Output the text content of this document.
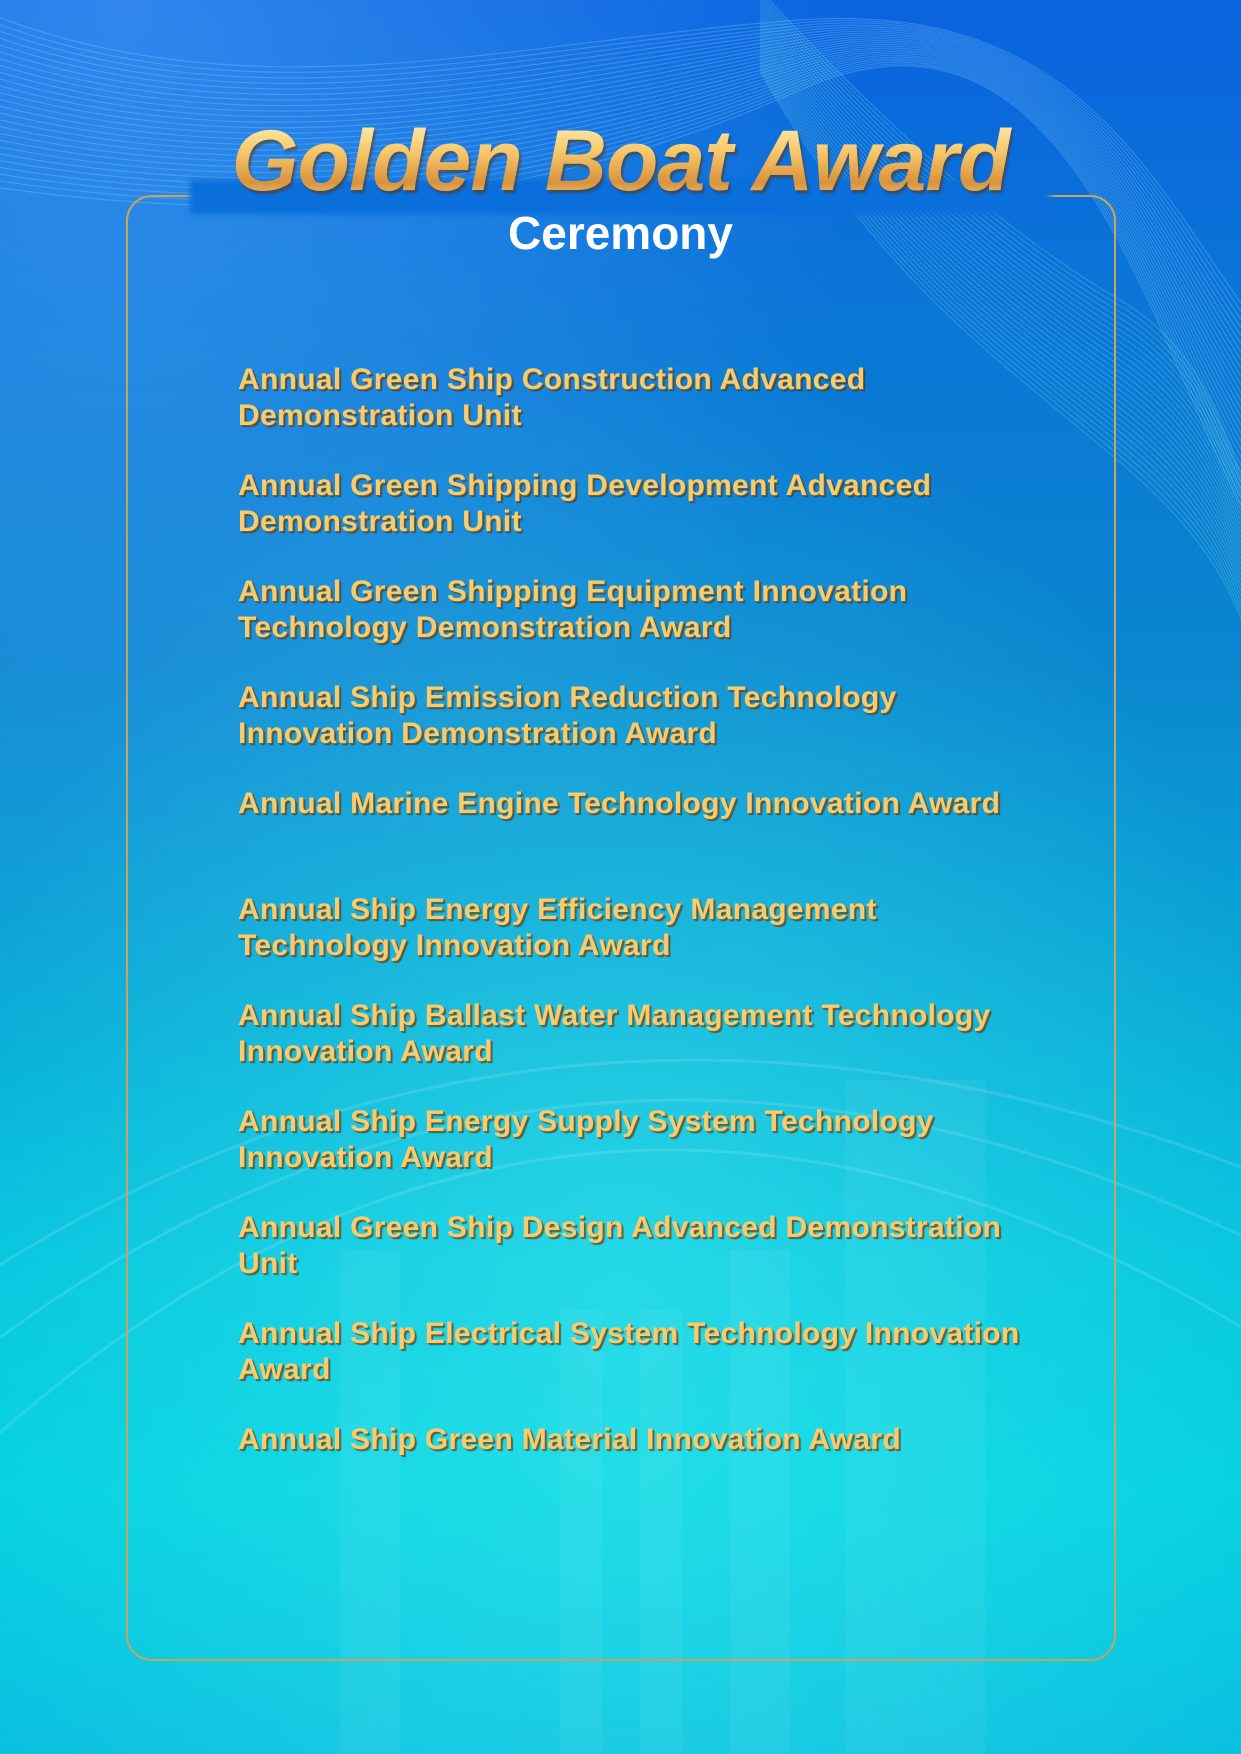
Golden Boat Award
Ceremony
Annual Green Ship Construction Advanced Demonstration Unit
Annual Green Shipping Development Advanced Demonstration Unit
Annual Green Shipping Equipment Innovation Technology Demonstration Award
Annual Ship Emission Reduction Technology Innovation Demonstration Award
Annual Marine Engine Technology Innovation Award
Annual Ship Energy Efficiency Management Technology Innovation Award
Annual Ship Ballast Water Management Technology Innovation Award
Annual Ship Energy Supply System Technology Innovation Award
Annual Green Ship Design Advanced Demonstration Unit
Annual Ship Electrical System Technology Innovation Award
Annual Ship Green Material Innovation Award
